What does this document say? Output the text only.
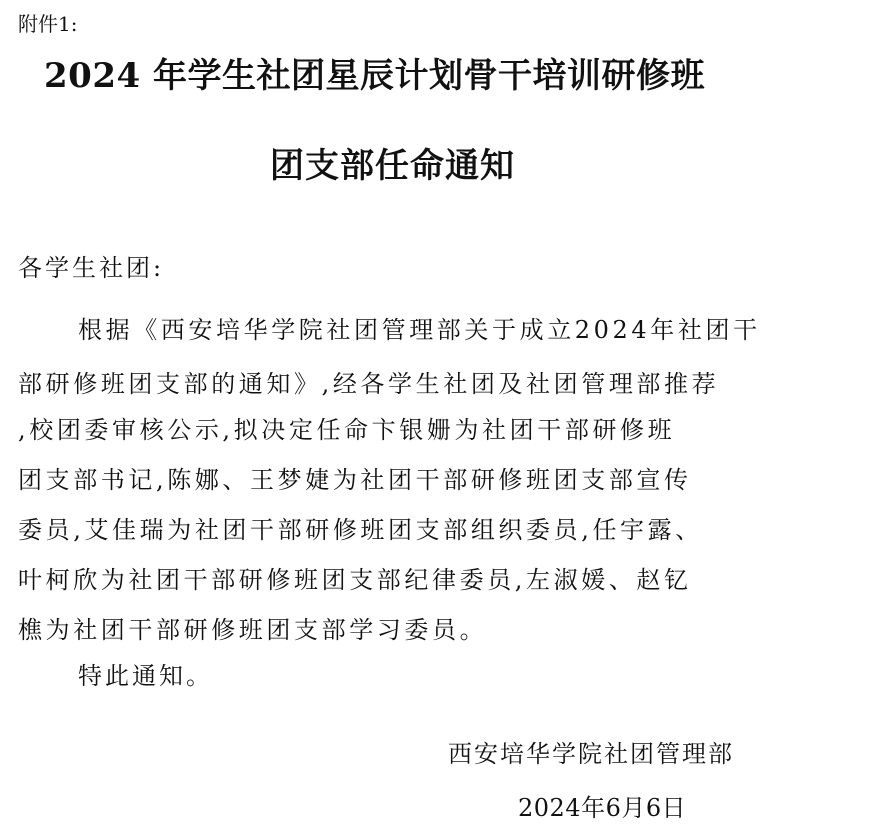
附件1:
2024 年学生社团星辰计划骨干培训研修班
团支部任命通知
各学生社团:
根据《西安培华学院社团管理部关于成立2024年社团干
部研修班团支部的通知》,经各学生社团及社团管理部推荐
,校团委审核公示,拟决定任命卞银姗为社团干部研修班
团支部书记,陈娜、王梦婕为社团干部研修班团支部宣传
委员,艾佳瑞为社团干部研修班团支部组织委员,任宇露、
叶柯欣为社团干部研修班团支部纪律委员,左淑媛、赵钇
樵为社团干部研修班团支部学习委员。
特此通知。
西安培华学院社团管理部
2024年6月6日
